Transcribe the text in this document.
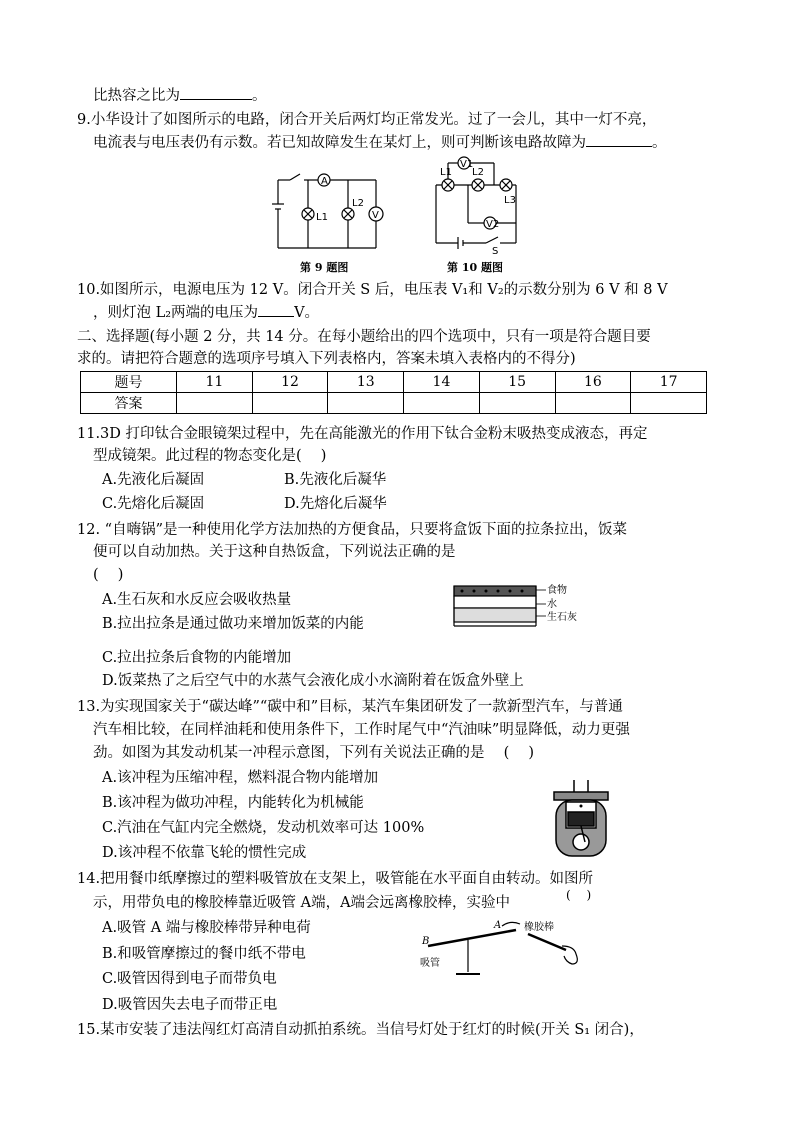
比热容之比为	。
9.小华设计了如图所示的电路，闭合开关后两灯均正常发光。过了一会儿，其中一灯不亮，
电流表与电压表仍有示数。若已知故障发生在某灯上，则可判断该电路故障为	。
A
L1
L2
V
第 9 题图
V1
L1 L2
L3
V2
S
第 10 题图
10.如图所示，电源电压为 12 V。闭合开关 S 后，电压表 V₁和 V₂的示数分别为 6 V 和 8 V
，则灯泡 L₂两端的电压为 V。
二、选择题(每小题 2 分，共 14 分。在每小题给出的四个选项中，只有一项是符合题目要
求的。请把符合题意的选项序号填入下列表格内，答案未填入表格内的不得分)
题号	11	12	13	14	15	16	17
答案							
11.3D 打印钛合金眼镜架过程中，先在高能激光的作用下钛合金粉末吸热变成液态，再定
型成镜架。此过程的物态变化是(　 )
A.先液化后凝固	B.先液化后凝华
C.先熔化后凝固	D.先熔化后凝华
12. “自嗨锅”是一种使用化学方法加热的方便食品，只要将盒饭下面的拉条拉出，饭菜
便可以自动加热。关于这种自热饭盒，下列说法正确的是
(　 )
A.生石灰和水反应会吸收热量
B.拉出拉条是通过做功来增加饭菜的内能
C.拉出拉条后食物的内能增加
D.饭菜热了之后空气中的水蒸气会液化成小水滴附着在饭盒外壁上
食物
水
生石灰
13.为实现国家关于“碳达峰”“碳中和”目标，某汽车集团研发了一款新型汽车，与普通
汽车相比较，在同样油耗和使用条件下，工作时尾气中“汽油味”明显降低，动力更强
劲。如图为其发动机某一冲程示意图，下列有关说法正确的是　 (　 )
A.该冲程为压缩冲程，燃料混合物内能增加
B.该冲程为做功冲程，内能转化为机械能
C.汽油在气缸内完全燃烧，发动机效率可达 100%
D.该冲程不依靠飞轮的惯性完成
14.把用餐巾纸摩擦过的塑料吸管放在支架上，吸管能在水平面自由转动。如图所
示，用带负电的橡胶棒靠近吸管 A端，A端会远离橡胶棒，实验中	(　 )
A.吸管 A 端与橡胶棒带异种电荷
B.和吸管摩擦过的餐巾纸不带电
C.吸管因得到电子而带负电
D.吸管因失去电子而带正电
B
A
吸管
橡胶棒
15.某市安装了违法闯红灯高清自动抓拍系统。当信号灯处于红灯的时候(开关 S₁ 闭合)，
